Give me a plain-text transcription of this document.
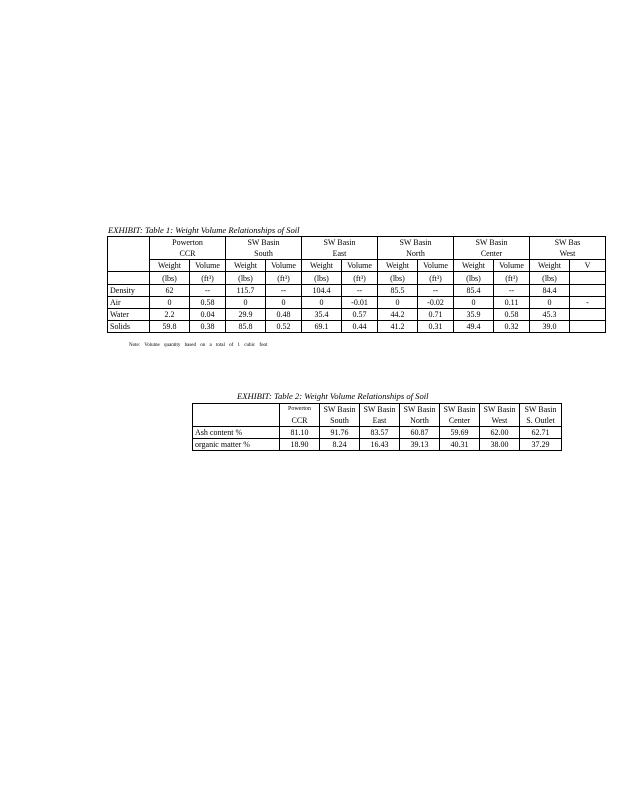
EXHIBIT: Table 1: Weight Volume Relationships of Soil
	Powerton		SW Basin		SW Basin		SW Basin		SW Basin		SW Bas	
	CCR		South		East		North		Center		West	
	Weight	Volume	Weight	Volume	Weight	Volume	Weight	Volume	Weight	Volume	Weight	V
	(lbs)	(ft³)	(lbs)	(ft³)	(lbs)	(ft³)	(lbs)	(ft³)	(lbs)	(ft³)	(lbs)	
Density	62	--	115.7	--	104.4	--	85.5	--	85.4	--	84.4	
Air	0	0.58	0	0	0	-0.01	0	-0.02	0	0.11	0	-
Water	2.2	0.04	29.9	0.48	35.4	0.57	44.2	0.71	35.9	0.58	45.3	
Solids	59.8	0.38	85.8	0.52	69.1	0.44	41.2	0.31	49.4	0.32	39.0	
Note: Volume quantity based on a total of 1 cubic foot
EXHIBIT: Table 2: Weight Volume Relationships of Soil
	Powerton	SW Basin	SW Basin	SW Basin	SW Basin	SW Basin	SW Basin
	CCR	South	East	North	Center	West	S. Outlet
Ash content %	81.10	91.76	83.57	60.87	59.69	62.00	62.71
organic matter %	18.90	8.24	16.43	39.13	40.31	38.00	37.29
